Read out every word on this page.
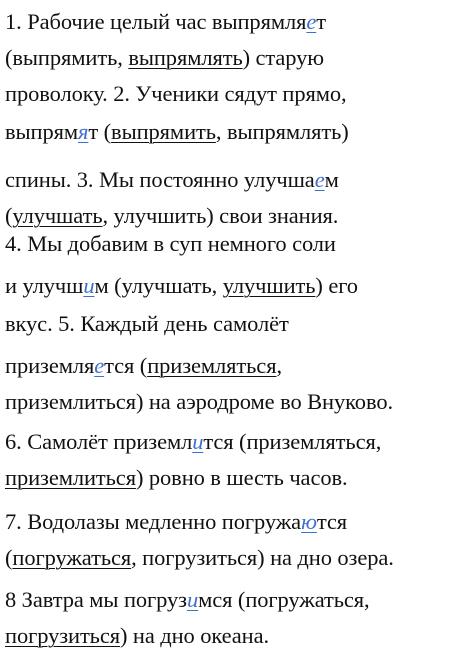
1. Рабочие целый час выпрямляет
(выпрямить, выпрямлять) старую
проволоку. 2. Ученики сядут прямо,
выпрямят (выпрямить, выпрямлять)
спины. 3. Мы постоянно улучшаем
(улучшать, улучшить) свои знания.
4. Мы добавим в суп немного соли
и улучшим (улучшать, улучшить) его
вкус. 5. Каждый день самолёт
приземляется (приземляться,
приземлиться) на аэродроме во Внуково.
6. Самолёт приземлится (приземляться,
приземлиться) ровно в шесть часов.
7. Водолазы медленно погружаются
(погружаться, погрузиться) на дно озера.
8 Завтра мы погрузимся (погружаться,
погрузиться) на дно океана.
